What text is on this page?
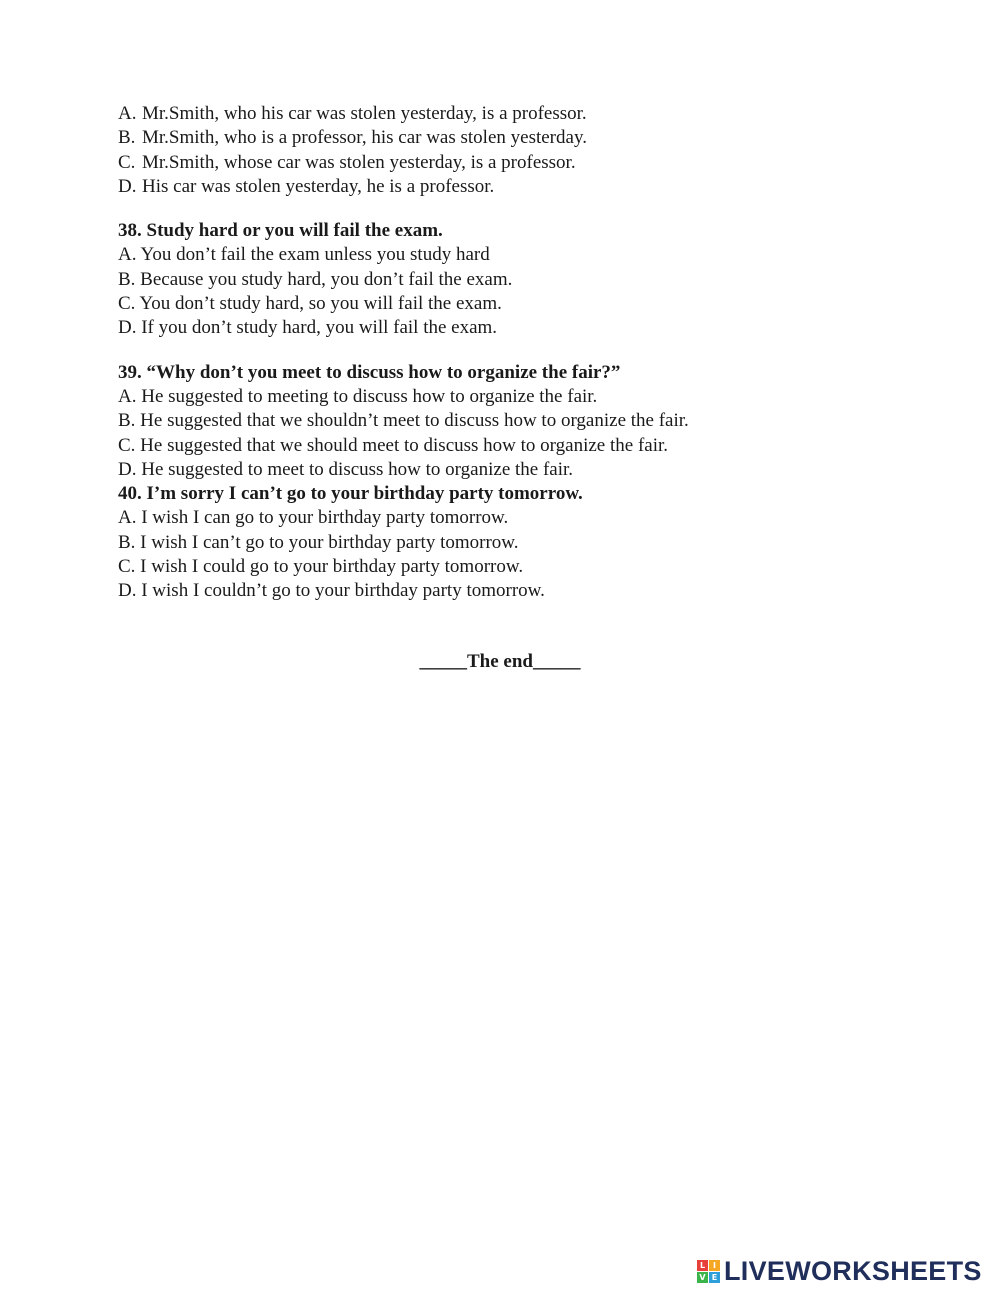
A. Mr.Smith, who his car was stolen yesterday, is a professor.
B. Mr.Smith, who is a professor, his car was stolen yesterday.
C. Mr.Smith, whose car was stolen yesterday, is a professor.
D. His car was stolen yesterday, he is a professor.
38. Study hard or you will fail the exam.
A. You don’t fail the exam unless you study hard
B. Because you study hard, you don’t fail the exam.
C. You don’t study hard, so you will fail the exam.
D. If you don’t study hard, you will fail the exam.
39. “Why don’t you meet to discuss how to organize the fair?”
A. He suggested to meeting to discuss how to organize the fair.
B. He suggested that we shouldn’t meet to discuss how to organize the fair.
C. He suggested that we should meet to discuss how to organize the fair.
D. He suggested to meet to discuss how to organize the fair.
40. I’m sorry I can’t go to your birthday party tomorrow.
A. I wish I can go to your birthday party tomorrow.
B. I wish I can’t go to your birthday party tomorrow.
C. I wish I could go to your birthday party tomorrow.
D. I wish I couldn’t go to your birthday party tomorrow.
_____The end_____
L I
V E LIVEWORKSHEETS
